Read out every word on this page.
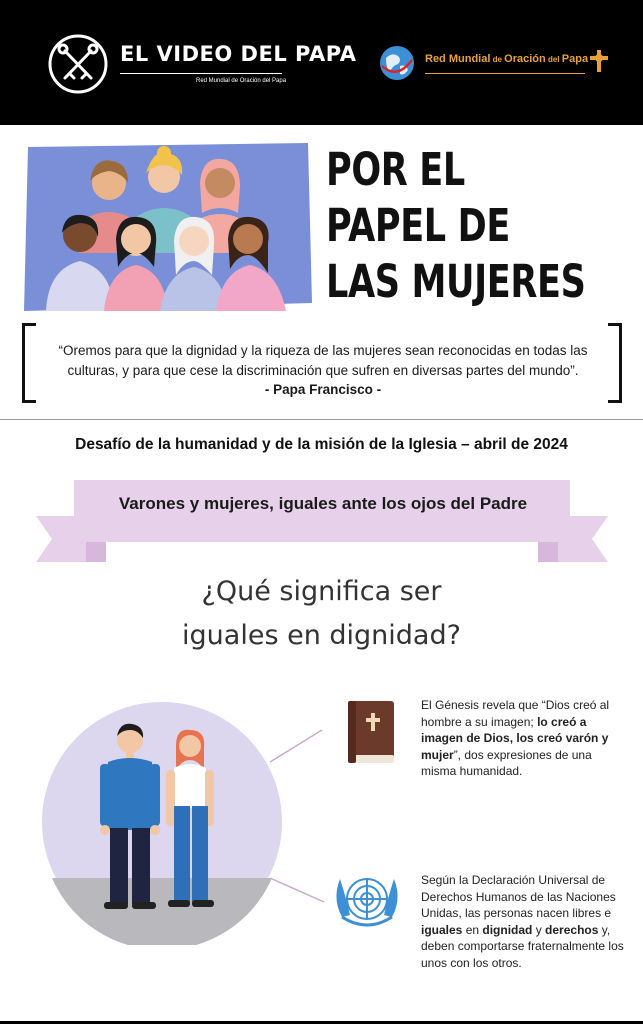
EL VIDEO DEL PAPA
Red Mundial de Oración del Papa
Red Mundial de Oración del Papa
POR EL
PAPEL DE
LAS MUJERES
“Oremos para que la dignidad y la riqueza de las mujeres sean reconocidas en todas las culturas, y para que cese la discriminación que sufren en diversas partes del mundo”.
- Papa Francisco -
Desafío de la humanidad y de la misión de la Iglesia – abril de 2024
Varones y mujeres, iguales ante los ojos del Padre
¿Qué significa ser
iguales en dignidad?
El Génesis revela que “Dios creó al hombre a su imagen; lo creó a imagen de Dios, los creó varón y mujer”, dos expresiones de una misma humanidad.
Según la Declaración Universal de Derechos Humanos de las Naciones Unidas, las personas nacen libres e iguales en dignidad y derechos y, deben comportarse fraternalmente los unos con los otros.
